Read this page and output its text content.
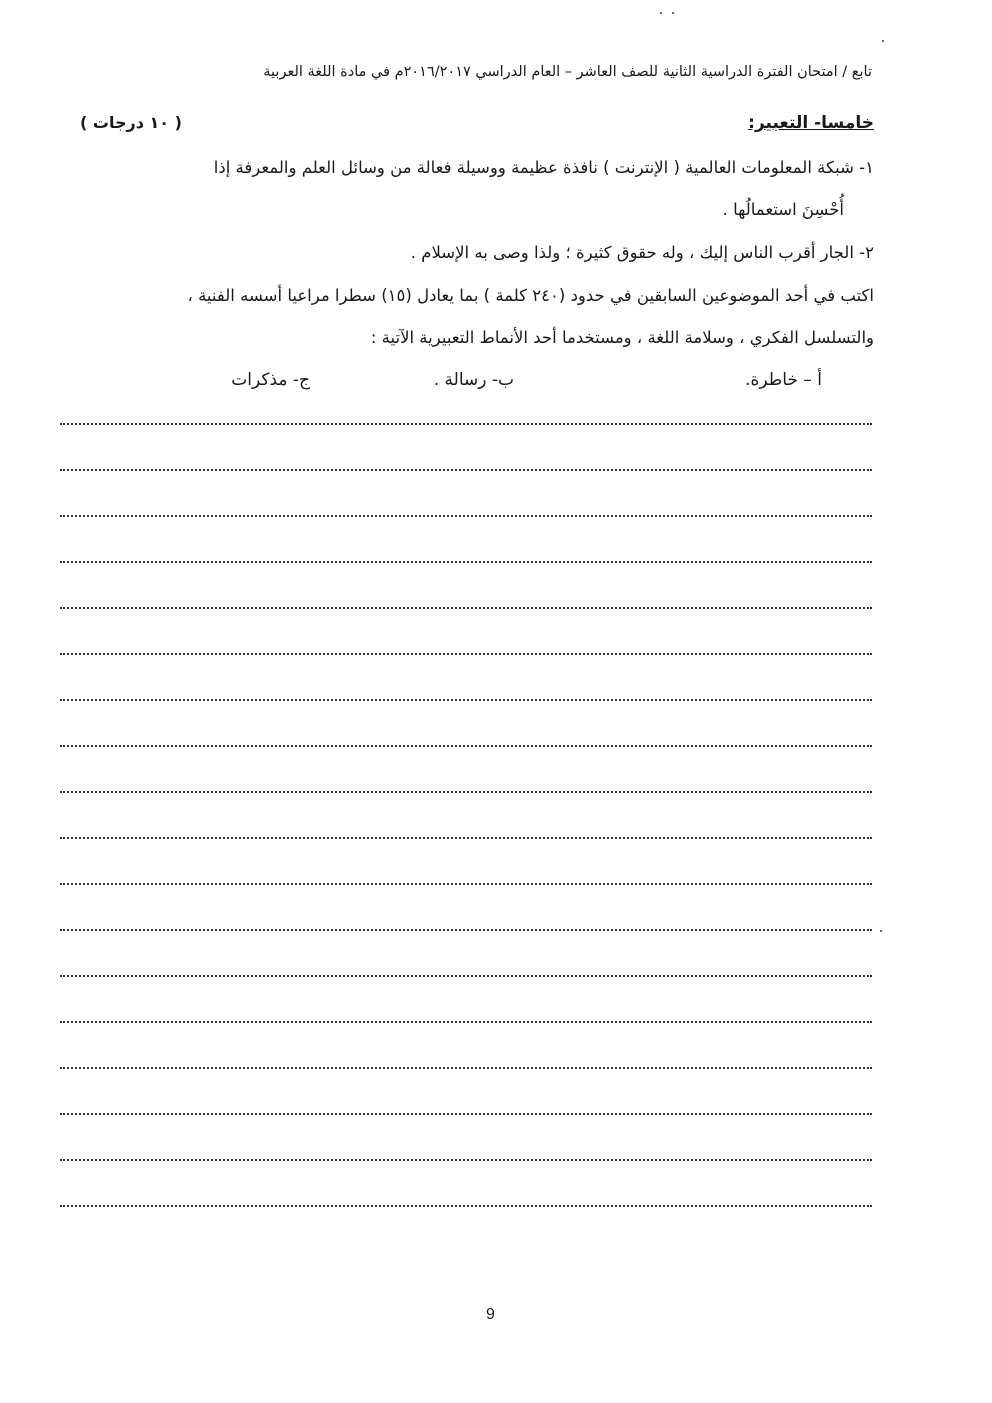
تابع / امتحان الفترة الدراسية الثانية للصف العاشر – العام الدراسي ٢٠١٦/٢٠١٧م في مادة اللغة العربية
خامسا- التعبير:
( ١٠ درجات )
١- شبكة المعلومات العالمية ( الإنترنت ) نافذة عظيمة ووسيلة فعالة من وسائل العلم والمعرفة إذا
أُحْسِنَ استعمالُها .
٢- الجار أقرب الناس إليك ، وله حقوق كثيرة ؛ ولذا وصى به الإسلام .
اكتب في أحد الموضوعين السابقين في حدود (٢٤٠ كلمة ) بما يعادل (١٥) سطرا مراعيا أسسه الفنية ،
والتسلسل الفكري ، وسلامة اللغة ، ومستخدما أحد الأنماط التعبيرية الآتية :
أ – خاطرة.
ب- رسالة .
ج- مذكرات
9
